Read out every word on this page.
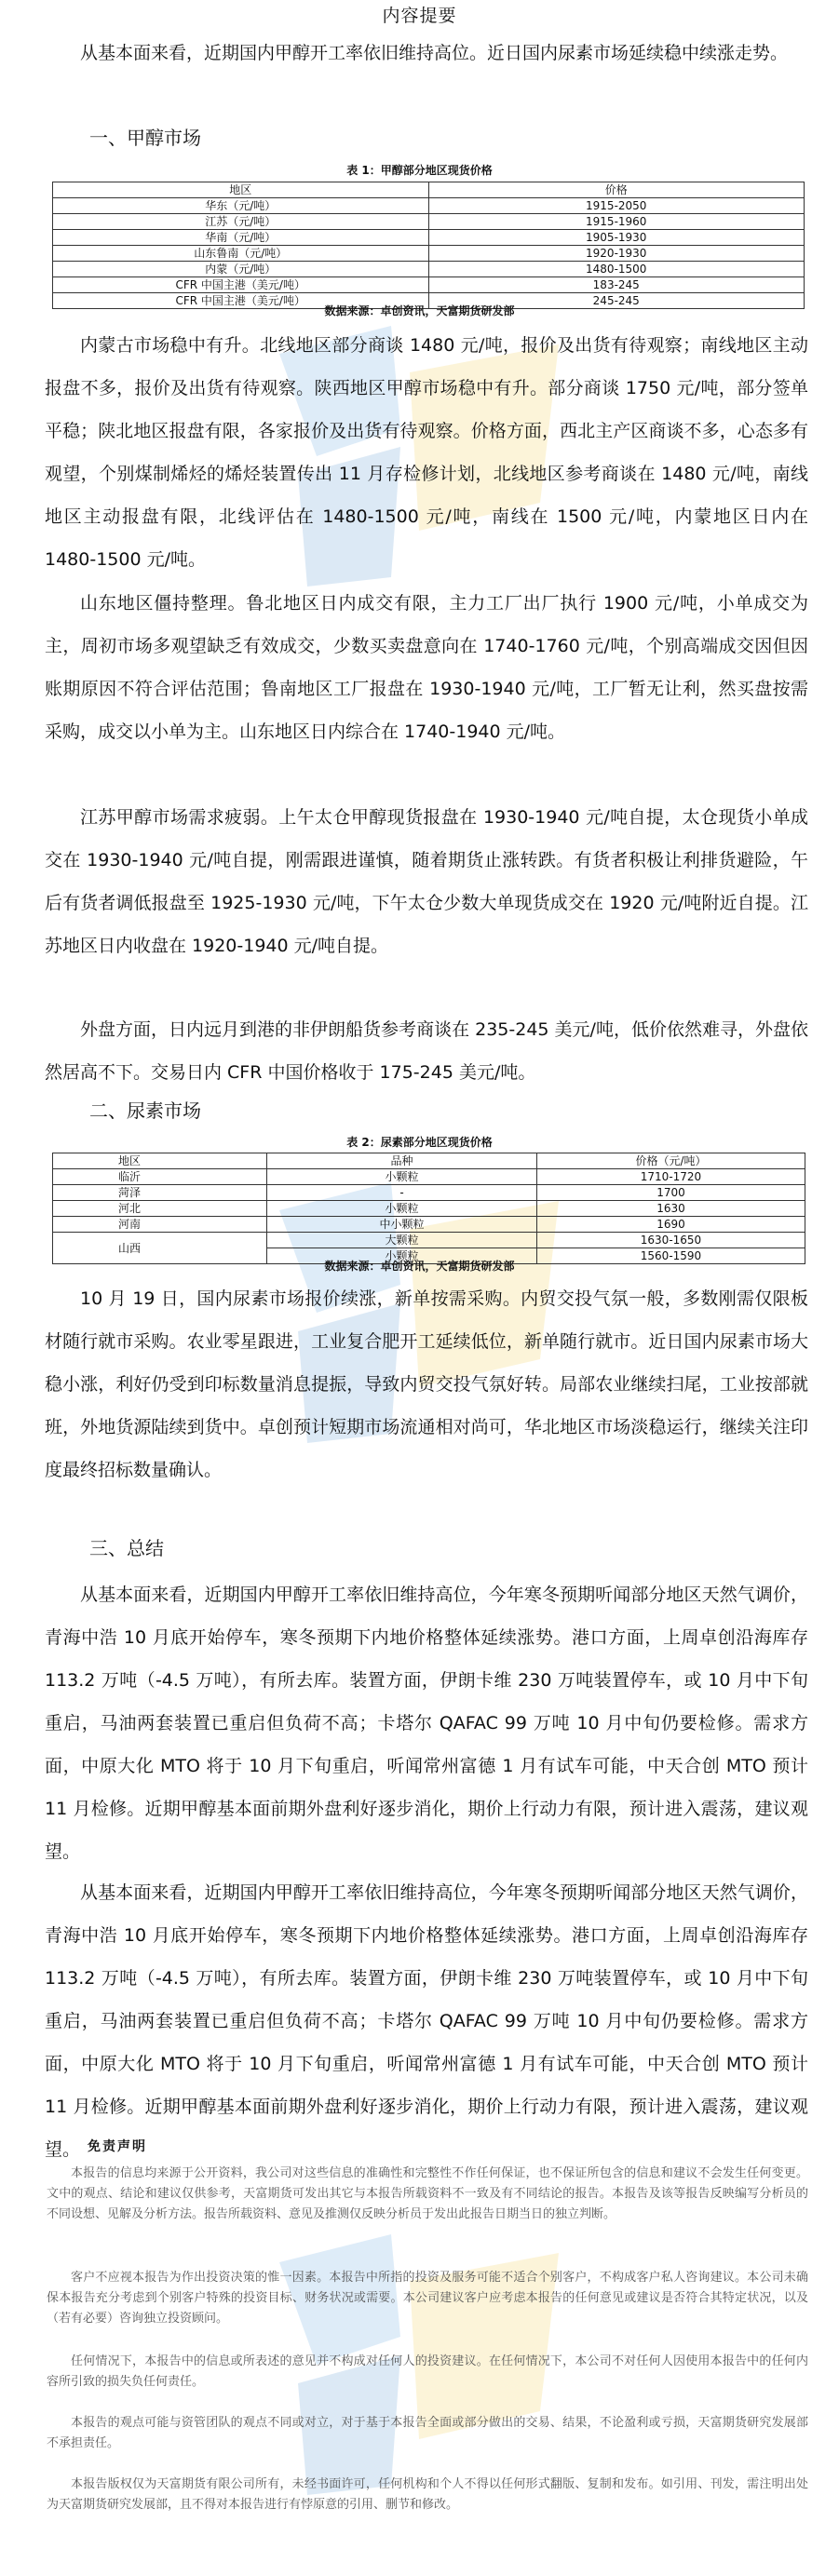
内容提要

从基本面来看，近期国内甲醇开工率依旧维持高位。近日国内尿素市场延续稳中续涨走势。

一、甲醇市场
表 1：甲醇部分地区现货价格
地区	价格
华东（元/吨）	1915-2050
江苏（元/吨）	1915-1960
华南（元/吨）	1905-1930
山东鲁南（元/吨）	1920-1930
内蒙（元/吨）	1480-1500
CFR 中国主港（美元/吨）	183-245
CFR 中国主港（美元/吨）	245-245
数据来源：卓创资讯，天富期货研发部

内蒙古市场稳中有升。北线地区部分商谈 1480 元/吨，报价及出货有待观察；南线地区主动报盘不多，报价及出货有待观察。陕西地区甲醇市场稳中有升。部分商谈 1750 元/吨，部分签单平稳；陕北地区报盘有限，各家报价及出货有待观察。价格方面，西北主产区商谈不多，心态多有观望，个别煤制烯烃的烯烃装置传出 11 月存检修计划，北线地区参考商谈在 1480 元/吨，南线地区主动报盘有限，北线评估在 1480-1500 元/吨，南线在 1500 元/吨，内蒙地区日内在 1480-1500 元/吨。

山东地区僵持整理。鲁北地区日内成交有限，主力工厂出厂执行 1900 元/吨，小单成交为主，周初市场多观望缺乏有效成交，少数买卖盘意向在 1740-1760 元/吨，个别高端成交因但因账期原因不符合评估范围；鲁南地区工厂报盘在 1930-1940 元/吨，工厂暂无让利，然买盘按需采购，成交以小单为主。山东地区日内综合在 1740-1940 元/吨。

江苏甲醇市场需求疲弱。上午太仓甲醇现货报盘在 1930-1940 元/吨自提，太仓现货小单成交在 1930-1940 元/吨自提，刚需跟进谨慎，随着期货止涨转跌。有货者积极让利排货避险，午后有货者调低报盘至 1925-1930 元/吨，下午太仓少数大单现货成交在 1920 元/吨附近自提。江苏地区日内收盘在 1920-1940 元/吨自提。

外盘方面，日内远月到港的非伊朗船货参考商谈在 235-245 美元/吨，低价依然难寻，外盘依然居高不下。交易日内 CFR 中国价格收于 175-245 美元/吨。

二、尿素市场
表 2：尿素部分地区现货价格
地区	品种	价格（元/吨）
临沂	小颗粒	1710-1720
菏泽	-	1700
河北	小颗粒	1630
河南	中小颗粒	1690
山西	大颗粒	1630-1650
	小颗粒	1560-1590
数据来源：卓创资讯，天富期货研发部

10 月 19 日，国内尿素市场报价续涨，新单按需采购。内贸交投气氛一般，多数刚需仅限板材随行就市采购。农业零星跟进，工业复合肥开工延续低位，新单随行就市。近日国内尿素市场大稳小涨，利好仍受到印标数量消息提振，导致内贸交投气氛好转。局部农业继续扫尾，工业按部就班，外地货源陆续到货中。卓创预计短期市场流通相对尚可，华北地区市场淡稳运行，继续关注印度最终招标数量确认。

三、总结

从基本面来看，近期国内甲醇开工率依旧维持高位，今年寒冬预期听闻部分地区天然气调价，青海中浩 10 月底开始停车，寒冬预期下内地价格整体延续涨势。港口方面，上周卓创沿海库存 113.2 万吨（-4.5 万吨），有所去库。装置方面，伊朗卡维 230 万吨装置停车，或 10 月中下旬重启，马油两套装置已重启但负荷不高；卡塔尔 QAFAC 99 万吨 10 月中旬仍要检修。需求方面，中原大化 MTO 将于 10 月下旬重启，听闻常州富德 1 月有试车可能，中天合创 MTO 预计 11 月检修。近期甲醇基本面前期外盘利好逐步消化，期价上行动力有限，预计进入震荡，建议观望。

从基本面来看，近期国内甲醇开工率依旧维持高位，今年寒冬预期听闻部分地区天然气调价，青海中浩 10 月底开始停车，寒冬预期下内地价格整体延续涨势。港口方面，上周卓创沿海库存 113.2 万吨（-4.5 万吨），有所去库。装置方面，伊朗卡维 230 万吨装置停车，或 10 月中下旬重启，马油两套装置已重启但负荷不高；卡塔尔 QAFAC 99 万吨 10 月中旬仍要检修。需求方面，中原大化 MTO 将于 10 月下旬重启，听闻常州富德 1 月有试车可能，中天合创 MTO 预计 11 月检修。近期甲醇基本面前期外盘利好逐步消化，期价上行动力有限，预计进入震荡，建议观望。 免责声明

本报告的信息均来源于公开资料，我公司对这些信息的准确性和完整性不作任何保证，也不保证所包含的信息和建议不会发生任何变更。文中的观点、结论和建议仅供参考，天富期货可发出其它与本报告所载资料不一致及有不同结论的报告。本报告及该等报告反映编写分析员的不同设想、见解及分析方法。报告所载资料、意见及推测仅反映分析员于发出此报告日期当日的独立判断。

客户不应视本报告为作出投资决策的惟一因素。本报告中所指的投资及服务可能不适合个别客户，不构成客户私人咨询建议。本公司未确保本报告充分考虑到个别客户特殊的投资目标、财务状况或需要。本公司建议客户应考虑本报告的任何意见或建议是否符合其特定状况，以及（若有必要）咨询独立投资顾问。

任何情况下，本报告中的信息或所表述的意见并不构成对任何人的投资建议。在任何情况下，本公司不对任何人因使用本报告中的任何内容所引致的损失负任何责任。

本报告的观点可能与资管团队的观点不同或对立，对于基于本报告全面或部分做出的交易、结果，不论盈利或亏损，天富期货研究发展部不承担责任。

本报告版权仅为天富期货有限公司所有，未经书面许可，任何机构和个人不得以任何形式翻版、复制和发布。如引用、刊发，需注明出处为天富期货研究发展部，且不得对本报告进行有悖原意的引用、删节和修改。
